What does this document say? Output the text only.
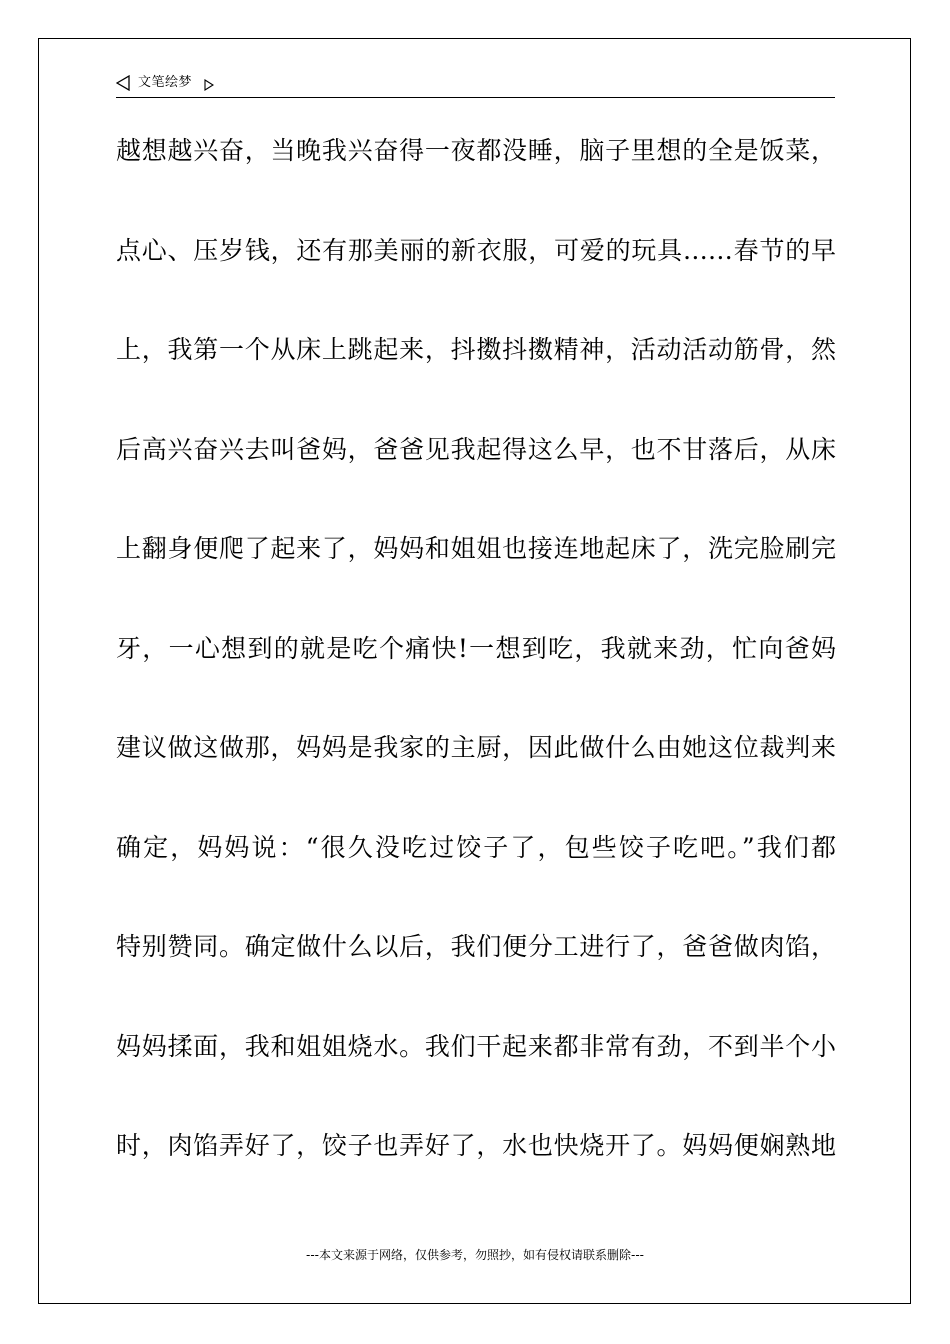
文笔绘梦
越想越兴奋，当晚我兴奋得一夜都没睡，脑子里想的全是饭菜，
点心、压岁钱，还有那美丽的新衣服，可爱的玩具……春节的早
上，我第一个从床上跳起来，抖擞抖擞精神，活动活动筋骨，然
后高兴奋兴去叫爸妈，爸爸见我起得这么早，也不甘落后，从床
上翻身便爬了起来了，妈妈和姐姐也接连地起床了，洗完脸刷完
牙，一心想到的就是吃个痛快!一想到吃，我就来劲，忙向爸妈
建议做这做那，妈妈是我家的主厨，因此做什么由她这位裁判来
确定，妈妈说：“很久没吃过饺子了，包些饺子吃吧。”我们都
特别赞同。确定做什么以后，我们便分工进行了，爸爸做肉馅，
妈妈揉面，我和姐姐烧水。我们干起来都非常有劲，不到半个小
时，肉馅弄好了，饺子也弄好了，水也快烧开了。妈妈便娴熟地
---本文来源于网络，仅供参考，勿照抄，如有侵权请联系删除---
